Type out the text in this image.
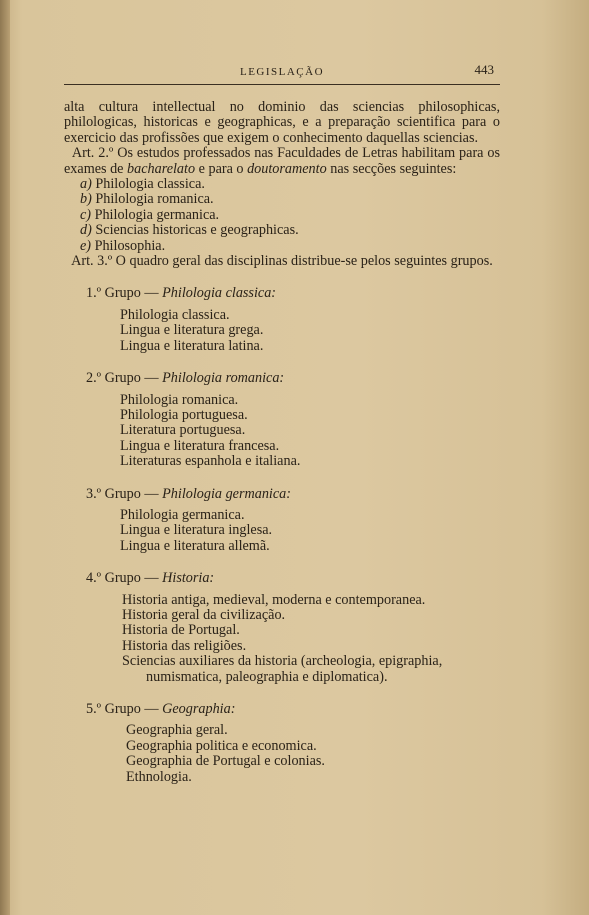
LEGISLAÇÃO	443

alta cultura intellectual no dominio das sciencias philosophicas, philologicas, historicas e geographicas, e a preparação scientifica para o exercicio das profissões que exigem o conhecimento daquellas sciencias.

Art. 2.º Os estudos professados nas Faculdades de Letras habilitam para os exames de bacharelato e para o doutoramento nas secções seguintes:

a) Philologia classica.
b) Philologia romanica.
c) Philologia germanica.
d) Sciencias historicas e geographicas.
e) Philosophia.

Art. 3.º O quadro geral das disciplinas distribue-se pelos seguintes grupos.

1.º Grupo — Philologia classica:
Philologia classica.
Lingua e literatura grega.
Lingua e literatura latina.
2.º Grupo — Philologia romanica:
Philologia romanica.
Philologia portuguesa.
Literatura portuguesa.
Lingua e literatura francesa.
Literaturas espanhola e italiana.
3.º Grupo — Philologia germanica:
Philologia germanica.
Lingua e literatura inglesa.
Lingua e literatura allemã.
4.º Grupo — Historia:
Historia antiga, medieval, moderna e contemporanea.
Historia geral da civilização.
Historia de Portugal.
Historia das religiões.
Sciencias auxiliares da historia (archeologia, epigraphia,
numismatica, paleographia e diplomatica).
5.º Grupo — Geographia:
Geographia geral.
Geographia politica e economica.
Geographia de Portugal e colonias.
Ethnologia.
